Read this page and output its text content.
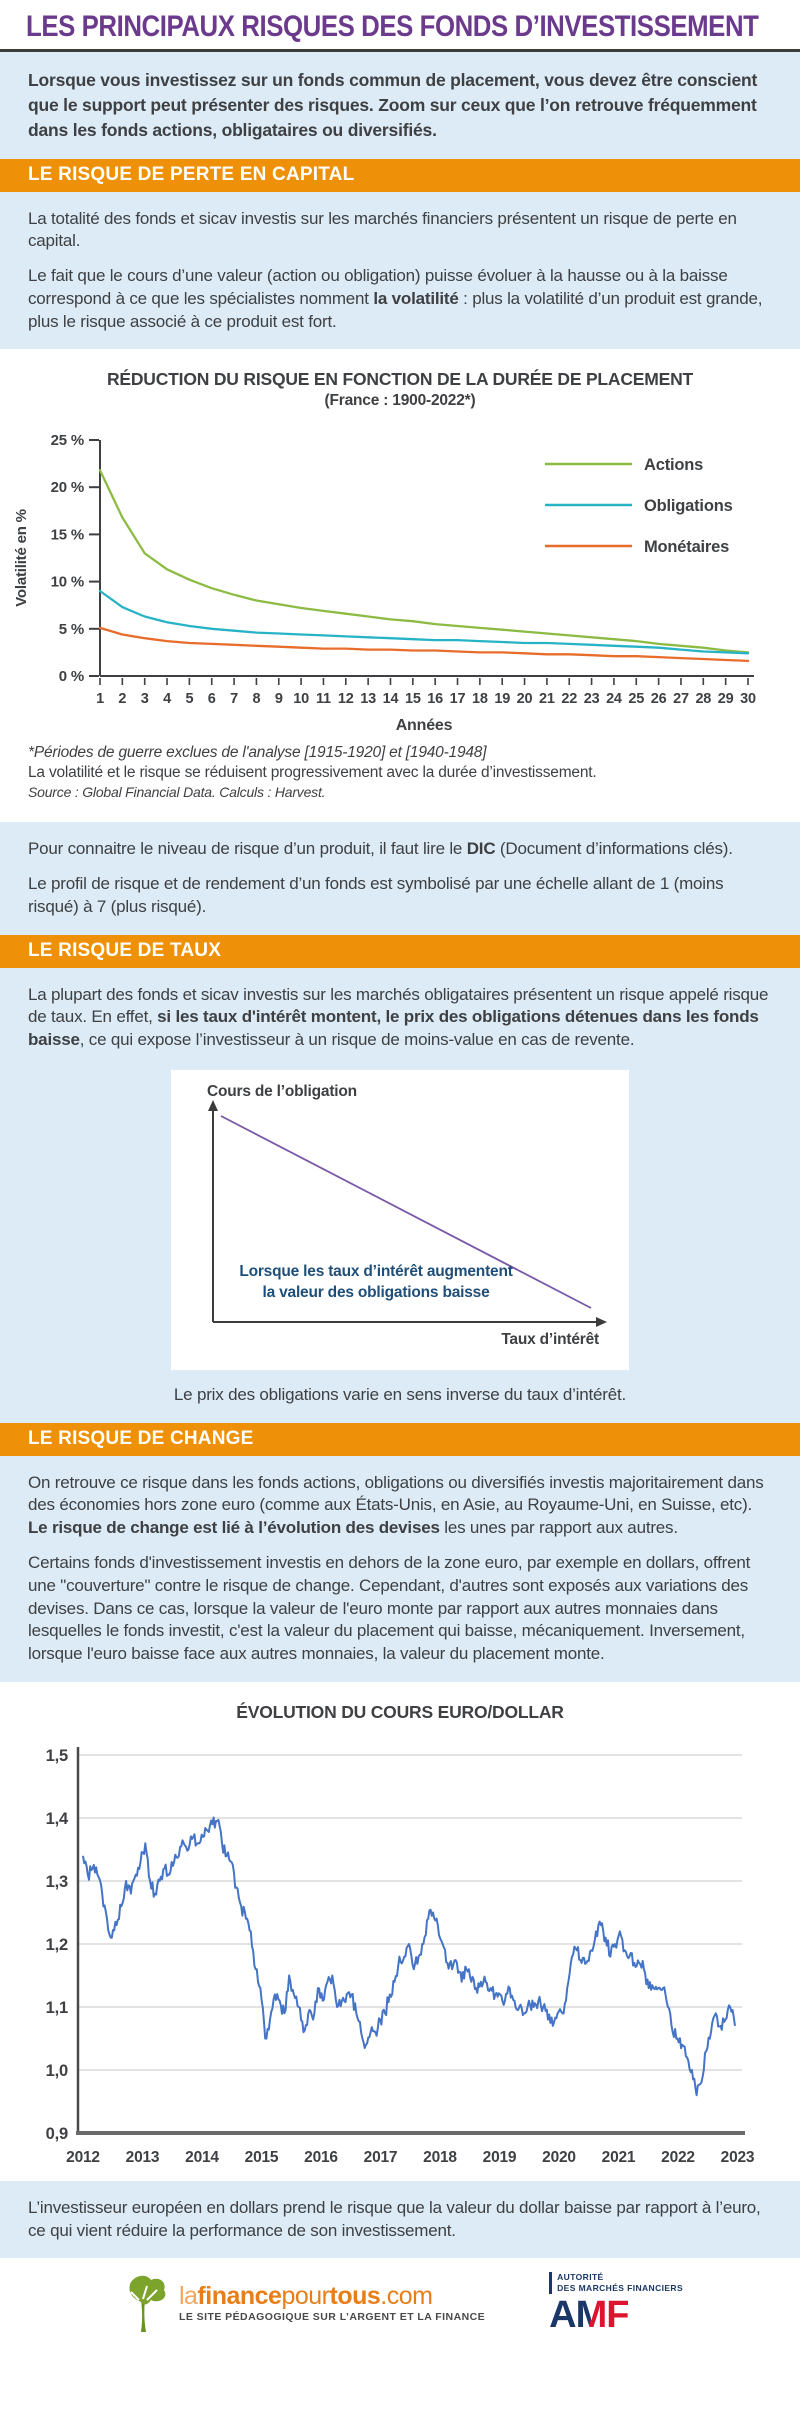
LES PRINCIPAUX RISQUES DES FONDS D’INVESTISSEMENT

Lorsque vous investissez sur un fonds commun de placement, vous devez être conscient que le support peut présenter des risques. Zoom sur ceux que l’on retrouve fréquemment dans les fonds actions, obligataires ou diversifiés.

LE RISQUE DE PERTE EN CAPITAL

La totalité des fonds et sicav investis sur les marchés financiers présentent un risque de perte en capital.

Le fait que le cours d’une valeur (action ou obligation) puisse évoluer à la hausse ou à la baisse correspond à ce que les spécialistes nomment la volatilité : plus la volatilité d’un produit est grande, plus le risque associé à ce produit est fort.

RÉDUCTION DU RISQUE EN FONCTION DE LA DURÉE DE PLACEMENT

(France : 1900-2022*)

0 %
5 %
10 %
15 %
20 %
25 %
1 2 3 4 5 6 7 8 9 10 11 12 13 14 15 16 17 18 19 20 21 22 23 24 25 26 27 28 29 30
Volatilité en %
Années
Actions
Obligations
Monétaires

*Périodes de guerre exclues de l'analyse [1915-1920] et [1940-1948]

La volatilité et le risque se réduisent progressivement avec la durée d’investissement.

Source : Global Financial Data. Calculs : Harvest.

Pour connaitre le niveau de risque d’un produit, il faut lire le DIC (Document d’informations clés).

Le profil de risque et de rendement d’un fonds est symbolisé par une échelle allant de 1 (moins risqué) à 7 (plus risqué).

LE RISQUE DE TAUX

La plupart des fonds et sicav investis sur les marchés obligataires présentent un risque appelé risque de taux. En effet, si les taux d'intérêt montent, le prix des obligations détenues dans les fonds baisse, ce qui expose l’investisseur à un risque de moins-value en cas de revente.

Cours de l’obligation
Taux d’intérêt
Lorsque les taux d’intérêt augmentent
la valeur des obligations baisse

Le prix des obligations varie en sens inverse du taux d’intérêt.

LE RISQUE DE CHANGE

On retrouve ce risque dans les fonds actions, obligations ou diversifiés investis majoritairement dans des économies hors zone euro (comme aux États-Unis, en Asie, au Royaume-Uni, en Suisse, etc). Le risque de change est lié à l’évolution des devises les unes par rapport aux autres.

Certains fonds d'investissement investis en dehors de la zone euro, par exemple en dollars, offrent une "couverture" contre le risque de change. Cependant, d'autres sont exposés aux variations des devises. Dans ce cas, lorsque la valeur de l'euro monte par rapport aux autres monnaies dans lesquelles le fonds investit, c'est la valeur du placement qui baisse, mécaniquement. Inversement, lorsque l'euro baisse face aux autres monnaies, la valeur du placement monte.

ÉVOLUTION DU COURS EURO/DOLLAR

0,9
1,0
1,1
1,2
1,3
1,4
1,5
2012 2013 2014 2015 2016 2017 2018 2019 2020 2021 2022 2023

L’investisseur européen en dollars prend le risque que la valeur du dollar baisse par rapport à l’euro, ce qui vient réduire la performance de son investissement.

lafinancepourtous.com
LE SITE PÉDAGOGIQUE SUR L’ARGENT ET LA FINANCE
AUTORITÉ
DES MARCHÉS FINANCIERS
AMF
